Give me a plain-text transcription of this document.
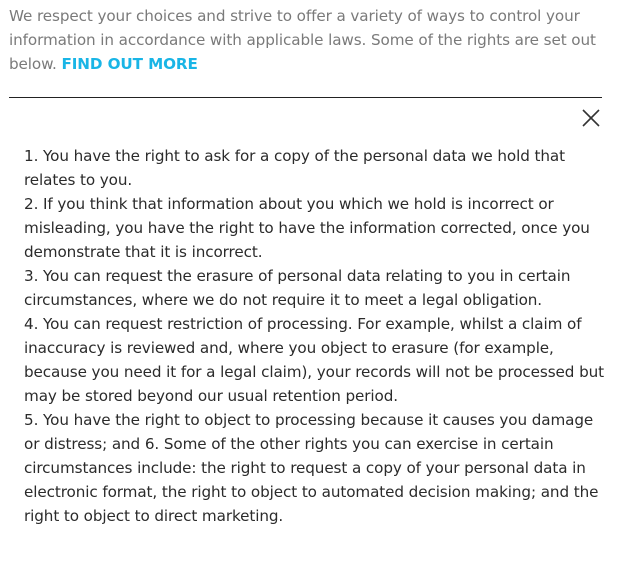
We respect your choices and strive to offer a variety of ways to control your information in accordance with applicable laws. Some of the rights are set out below. FIND OUT MORE

1. You have the right to ask for a copy of the personal data we hold that relates to you.

2. If you think that information about you which we hold is incorrect or misleading, you have the right to have the information corrected, once you demonstrate that it is incorrect.

3. You can request the erasure of personal data relating to you in certain circumstances, where we do not require it to meet a legal obligation.

4. You can request restriction of processing. For example, whilst a claim of inaccuracy is reviewed and, where you object to erasure (for example, because you need it for a legal claim), your records will not be processed but may be stored beyond our usual retention period.

5. You have the right to object to processing because it causes you damage or distress; and 6. Some of the other rights you can exercise in certain circumstances include: the right to request a copy of your personal data in electronic format, the right to object to automated decision making; and the right to object to direct marketing.
